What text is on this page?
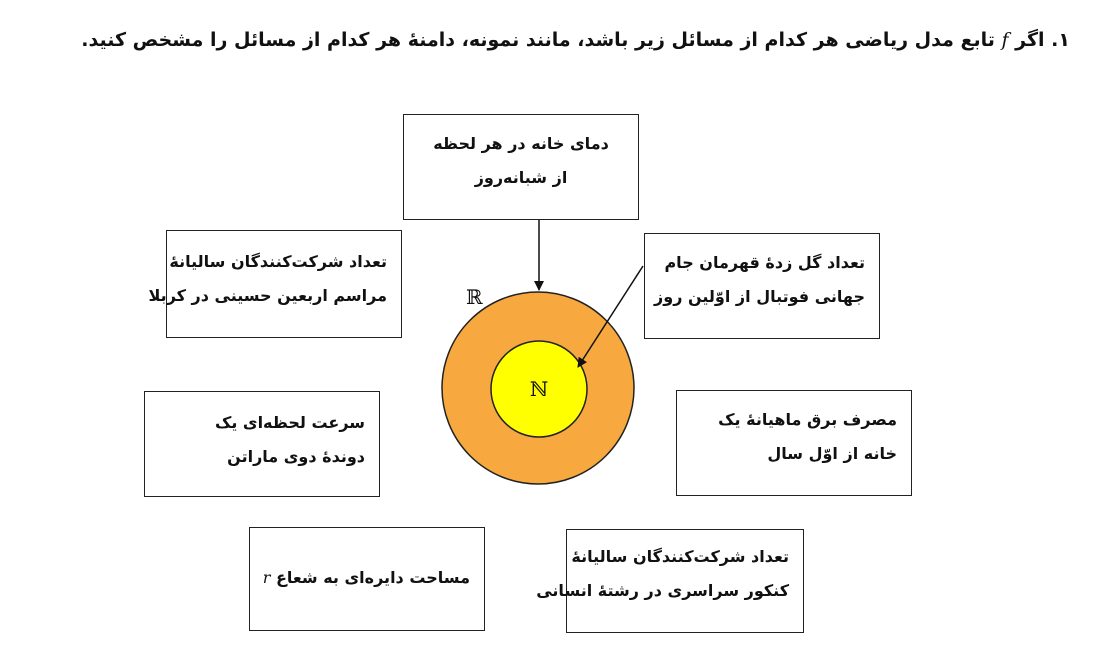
۱. اگر f تابع مدل ریاضی هر کدام از مسائل زیر باشد، مانند نمونه، دامنهٔ هر کدام از مسائل را مشخص کنید.
ℝ
ℕ
دمای خانه در هر لحظه
از شبانه‌روز
تعداد شرکت‌کنندگان سالیانهٔ
مراسم اربعین حسینی در کربلا
تعداد گل زدهٔ قهرمان جام
جهانی فوتبال از اوّلین روز
سرعت لحظه‌ای یک
دوندهٔ دوی ماراتن
مصرف برق ماهیانهٔ یک
خانه از اوّل سال
مساحت دایره‌ای به شعاع r
تعداد شرکت‌کنندگان سالیانهٔ
کنکور سراسری در رشتهٔ انسانی
